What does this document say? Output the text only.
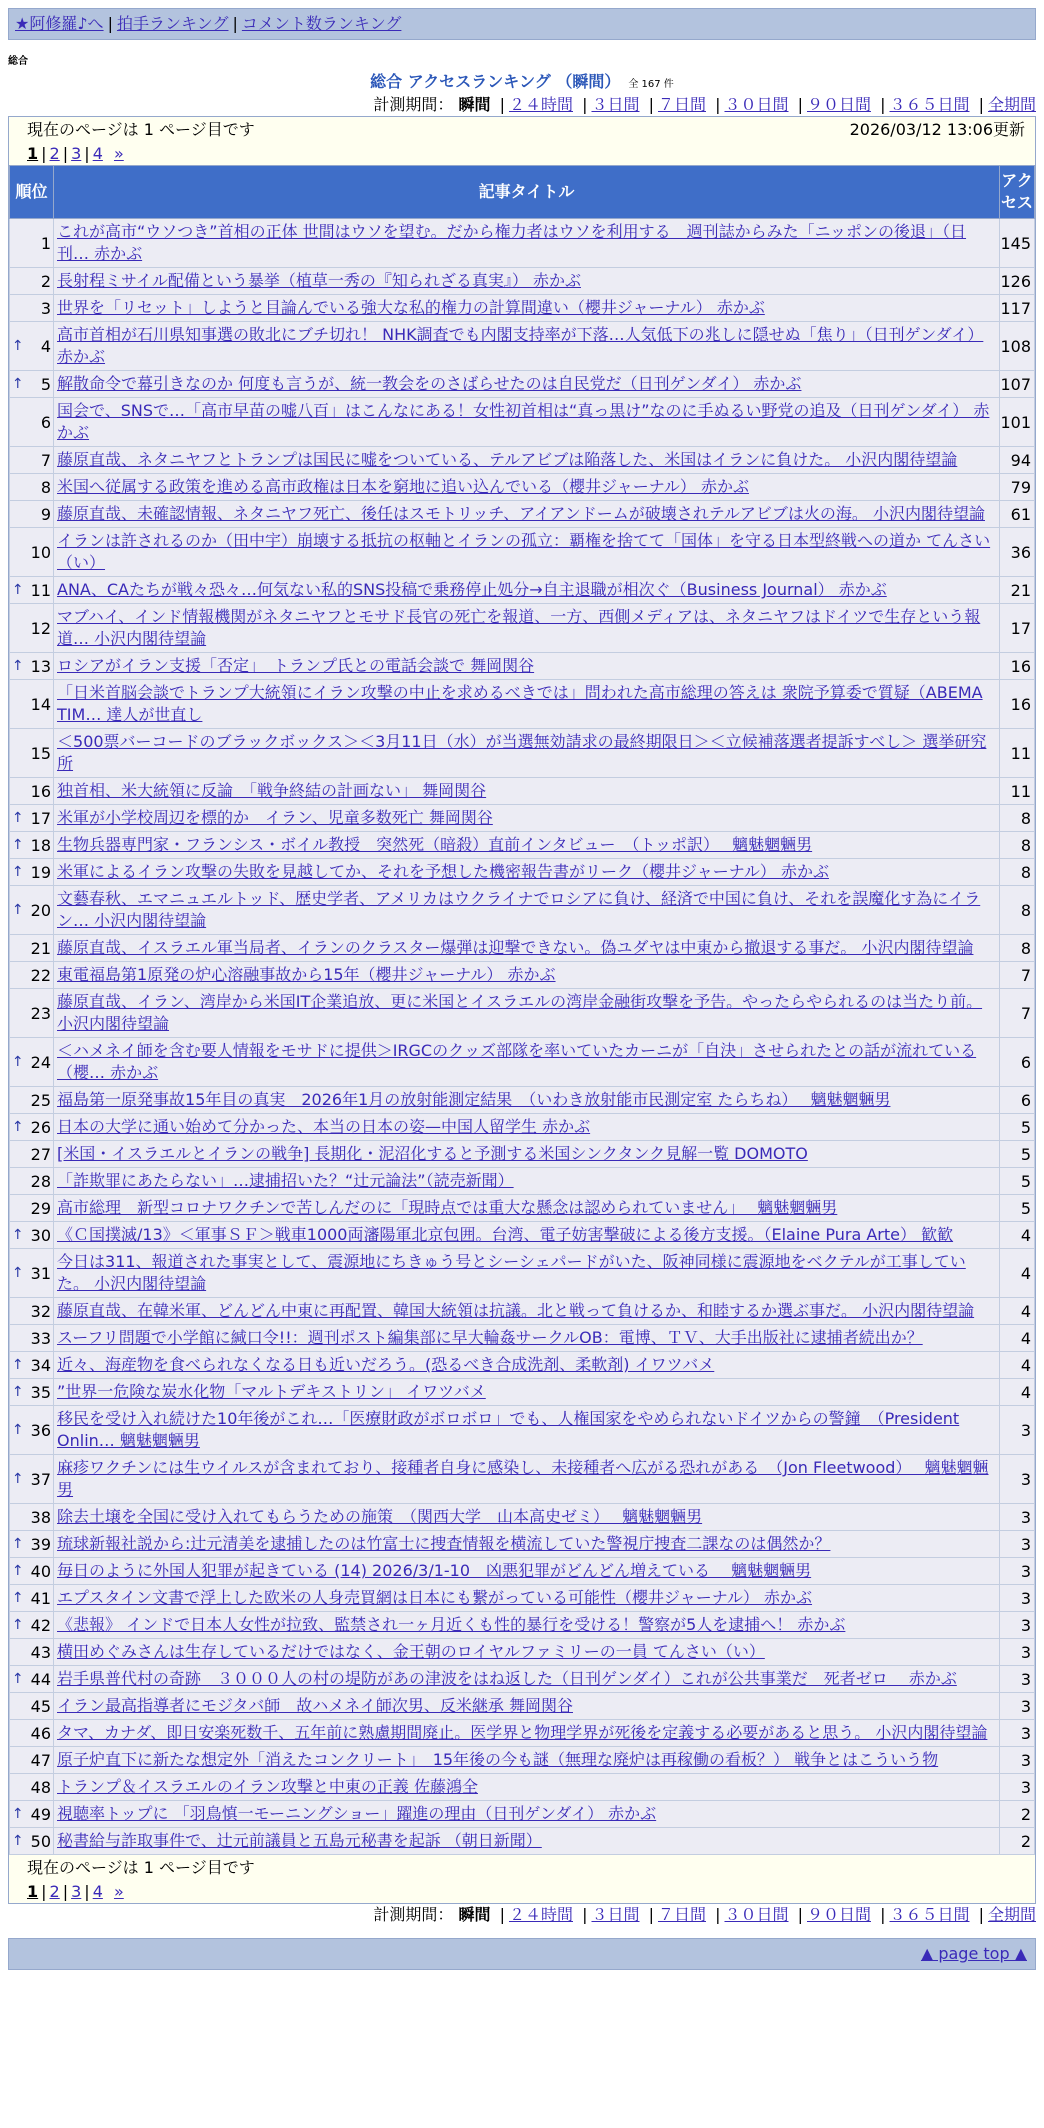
★阿修羅♪へ | 拍手ランキング | コメント数ランキング
総合
総合 アクセスランキング （瞬間） 全 167 件
計測期間： 瞬間 | ２４時間 | ３日間 | ７日間 | ３０日間 | ９０日間 | ３６５日間 | 全期間
現在のページは 1 ページ目です	2026/03/12 13:06更新
1 | 2 | 3 | 4 »
順位		記事タイトル	アクセス
	1	これが高市“ウソつき”首相の正体 世間はウソを望む。だから権力者はウソを利用する　週刊誌からみた「ニッポンの後退」（日刊… 赤かぶ	145
	2	長射程ミサイル配備という暴挙（植草一秀の『知られざる真実』） 赤かぶ	126
	3	世界を「リセット」しようと目論んでいる強大な私的権力の計算間違い（櫻井ジャーナル） 赤かぶ	117
↑	4	高市首相が石川県知事選の敗北にブチ切れ！ NHK調査でも内閣支持率が下落…人気低下の兆しに隠せぬ「焦り」（日刊ゲンダイ） 赤かぶ	108
↑	5	解散命令で幕引きなのか 何度も言うが、統一教会をのさばらせたのは自民党だ（日刊ゲンダイ） 赤かぶ	107
	6	国会で、SNSで…「高市早苗の嘘八百」はこんなにある！女性初首相は“真っ黒け”なのに手ぬるい野党の追及（日刊ゲンダイ） 赤かぶ	101
	7	藤原直哉、ネタニヤフとトランプは国民に嘘をついている、テルアビブは陥落した、米国はイランに負けた。 小沢内閣待望論	94
	8	米国へ従属する政策を進める高市政権は日本を窮地に追い込んでいる（櫻井ジャーナル） 赤かぶ	79
	9	藤原直哉、未確認情報、ネタニヤフ死亡、後任はスモトリッチ、アイアンドームが破壊されテルアビブは火の海。 小沢内閣待望論	61
	10	イランは許されるのか（田中宇）崩壊する抵抗の枢軸とイランの孤立：覇権を捨てて「国体」を守る日本型終戦への道か てんさい（い）	36
↑	11	ANA、CAたちが戦々恐々…何気ない私的SNS投稿で乗務停止処分→自主退職が相次ぐ（Business Journal） 赤かぶ	21
	12	マブハイ、インド情報機関がネタニヤフとモサド長官の死亡を報道、一方、西側メディアは、ネタニヤフはドイツで生存という報道… 小沢内閣待望論	17
↑	13	ロシアがイラン支援「否定」　トランプ氏との電話会談で 舞岡関谷	16
	14	「日米首脳会談でトランプ大統領にイラン攻撃の中止を求めるべきでは」問われた高市総理の答えは 衆院予算委で質疑（ABEMA TIM… 達人が世直し	16
	15	＜500票バーコードのブラックボックス＞＜3月11日（水）が当選無効請求の最終期限日＞＜立候補落選者提訴すべし＞ 選挙研究所	11
	16	独首相、米大統領に反論　「戦争終結の計画ない」 舞岡関谷	11
↑	17	米軍が小学校周辺を標的か　イラン、児童多数死亡 舞岡関谷	8
↑	18	生物兵器専門家・フランシス・ボイル教授　突然死（暗殺）直前インタビュー　（トッポ訳）　 魑魅魍魎男	8
↑	19	米軍によるイラン攻撃の失敗を見越してか、それを予想した機密報告書がリーク（櫻井ジャーナル） 赤かぶ	8
↑	20	文藝春秋、エマニュエルトッド、歴史学者、アメリカはウクライナでロシアに負け、経済で中国に負け、それを誤魔化す為にイラン… 小沢内閣待望論	8
	21	藤原直哉、イスラエル軍当局者、イランのクラスター爆弾は迎撃できない。偽ユダヤは中東から撤退する事だ。 小沢内閣待望論	8
	22	東電福島第1原発の炉心溶融事故から15年（櫻井ジャーナル） 赤かぶ	7
	23	藤原直哉、イラン、湾岸から米国IT企業追放、更に米国とイスラエルの湾岸金融街攻撃を予告。やったらやられるのは当たり前。 小沢内閣待望論	7
↑	24	＜ハメネイ師を含む要人情報をモサドに提供＞IRGCのクッズ部隊を率いていたカーニが「自決」させられたとの話が流れている（櫻… 赤かぶ	6
	25	福島第一原発事故15年目の真実　2026年1月の放射能測定結果　（いわき放射能市民測定室 たらちね）　 魑魅魍魎男	6
↑	26	日本の大学に通い始めて分かった、本当の日本の姿—中国人留学生 赤かぶ	5
	27	[米国・イスラエルとイランの戦争] 長期化・泥沼化すると予測する米国シンクタンク見解一覧 DOMOTO	5
	28	「詐欺罪にあたらない」…逮捕招いた？“辻元論法”（読売新聞）	5
	29	高市総理　新型コロナワクチンで苦しんだのに「現時点では重大な懸念は認められていません」　 魑魅魍魎男	5
↑	30	《Ｃ国撲滅/13》＜軍事ＳＦ＞戦車1000両瀋陽軍北京包囲。台湾、電子妨害撃破による後方支援。（Elaine Pura Arte） 歓歓	4
↑	31	今日は311、報道された事実として、震源地にちきゅう号とシーシェパードがいた、阪神同様に震源地をベクテルが工事していた。 小沢内閣待望論	4
	32	藤原直哉、在韓米軍、どんどん中東に再配置、韓国大統領は抗議。北と戦って負けるか、和睦するか選ぶ事だ。 小沢内閣待望論	4
	33	スーフリ問題で小学館に緘口令!!：週刊ポスト編集部に早大輪姦サークルOB：電博、ＴＶ、大手出版社に逮捕者続出か？	4
↑	34	近々、海産物を食べられなくなる日も近いだろう。(恐るべき合成洗剤、柔軟剤) イワツバメ	4
↑	35	”世界一危険な炭水化物「マルトデキストリン」 イワツバメ	4
↑	36	移民を受け入れ続けた10年後がこれ…「医療財政がボロボロ」でも、人権国家をやめられないドイツからの警鐘　（President Onlin… 魑魅魍魎男	3
↑	37	麻疹ワクチンには生ウイルスが含まれており、接種者自身に感染し、未接種者へ広がる恐れがある　（Jon Fleetwood）　 魑魅魍魎男	3
	38	除去土壌を全国に受け入れてもらうための施策　（関西大学　山本高史ゼミ）　 魑魅魍魎男	3
↑	39	琉球新報社説から:辻元清美を逮捕したのは竹富士に捜査情報を横流していた警視庁捜査二課なのは偶然か？	3
↑	40	毎日のように外国人犯罪が起きている (14) 2026/3/1-10　凶悪犯罪がどんどん増えている　 魑魅魍魎男	3
↑	41	エプスタイン文書で浮上した欧米の人身売買網は日本にも繋がっている可能性（櫻井ジャーナル） 赤かぶ	3
↑	42	《悲報》 インドで日本人女性が拉致、監禁され一ヶ月近くも性的暴行を受ける！警察が5人を逮捕へ！ 赤かぶ	3
	43	横田めぐみさんは生存しているだけではなく、金王朝のロイヤルファミリーの一員 てんさい（い）	3
↑	44	岩手県普代村の奇跡　３０００人の村の堤防があの津波をはね返した（日刊ゲンダイ）これが公共事業だ　死者ゼロ　 赤かぶ	3
	45	イラン最高指導者にモジタバ師　故ハメネイ師次男、反米継承 舞岡関谷	3
	46	タマ、カナダ、即日安楽死数千、五年前に熟慮期間廃止。医学界と物理学界が死後を定義する必要があると思う。 小沢内閣待望論	3
	47	原子炉直下に新たな想定外「消えたコンクリート」　15年後の今も謎（無理な廃炉は再稼働の看板？） 戦争とはこういう物	3
	48	トランプ＆イスラエルのイラン攻撃と中東の正義 佐藤鴻全	3
↑	49	視聴率トップに 「羽鳥慎一モーニングショー」躍進の理由（日刊ゲンダイ） 赤かぶ	2
↑	50	秘書給与詐取事件で、辻元前議員と五島元秘書を起訴 （朝日新聞）	2
現在のページは 1 ページ目です
1 | 2 | 3 | 4 »
計測期間： 瞬間 | ２４時間 | ３日間 | ７日間 | ３０日間 | ９０日間 | ３６５日間 | 全期間
▲ page top ▲
